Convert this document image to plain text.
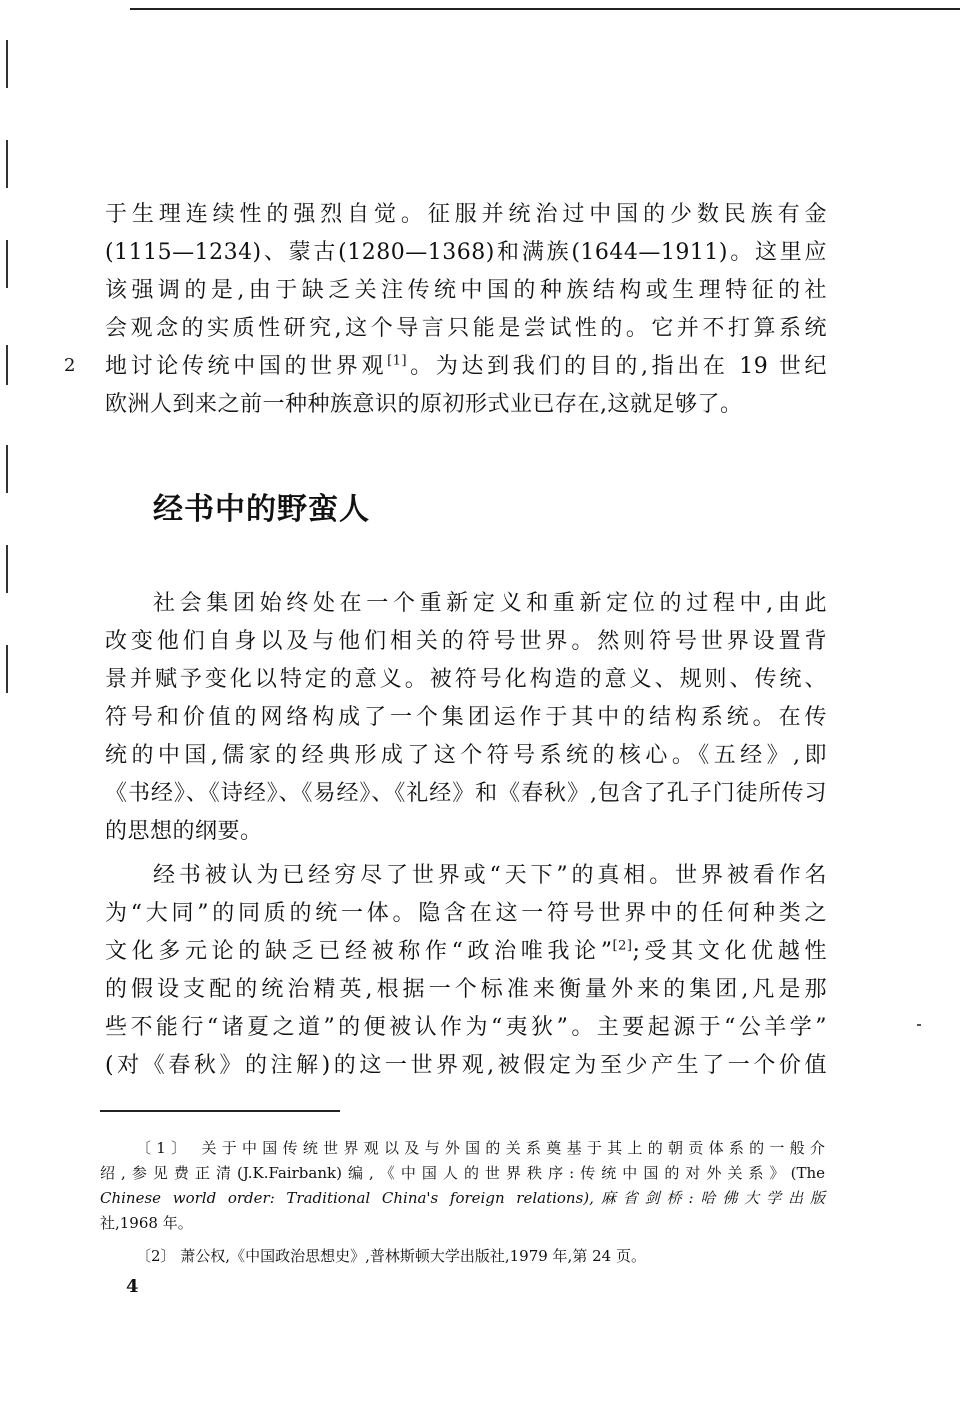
2
于生理连续性的强烈自觉。征服并统治过中国的少数民族有金
(1115—1234)、蒙古(1280—1368)和满族(1644—1911)。这里应
该强调的是,由于缺乏关注传统中国的种族结构或生理特征的社
会观念的实质性研究,这个导言只能是尝试性的。它并不打算系统
地讨论传统中国的世界观[1]。为达到我们的目的,指出在 19 世纪
欧洲人到来之前一种种族意识的原初形式业已存在,这就足够了。
经书中的野蛮人
社会集团始终处在一个重新定义和重新定位的过程中,由此
改变他们自身以及与他们相关的符号世界。然则符号世界设置背
景并赋予变化以特定的意义。被符号化构造的意义、规则、传统、
符号和价值的网络构成了一个集团运作于其中的结构系统。在传
统的中国,儒家的经典形成了这个符号系统的核心。《五经》,即
《书经》、《诗经》、《易经》、《礼经》和《春秋》,包含了孔子门徒所传习
的思想的纲要。
经书被认为已经穷尽了世界或“天下”的真相。世界被看作名
为“大同”的同质的统一体。隐含在这一符号世界中的任何种类之
文化多元论的缺乏已经被称作“政治唯我论”[2];受其文化优越性
的假设支配的统治精英,根据一个标准来衡量外来的集团,凡是那
些不能行“诸夏之道”的便被认作为“夷狄”。主要起源于“公羊学”
(对《春秋》的注解)的这一世界观,被假定为至少产生了一个价值
〔1〕 关于中国传统世界观以及与外国的关系奠基于其上的朝贡体系的一般介
绍,参见费正清(J.K.Fairbank)编,《中国人的世界秩序:传统中国的对外关系》(The
Chinese world order: Traditional China's foreign relations),麻省剑桥:哈佛大学出版
社,1968 年。
〔2〕 萧公权,《中国政治思想史》,普林斯顿大学出版社,1979 年,第 24 页。
4
